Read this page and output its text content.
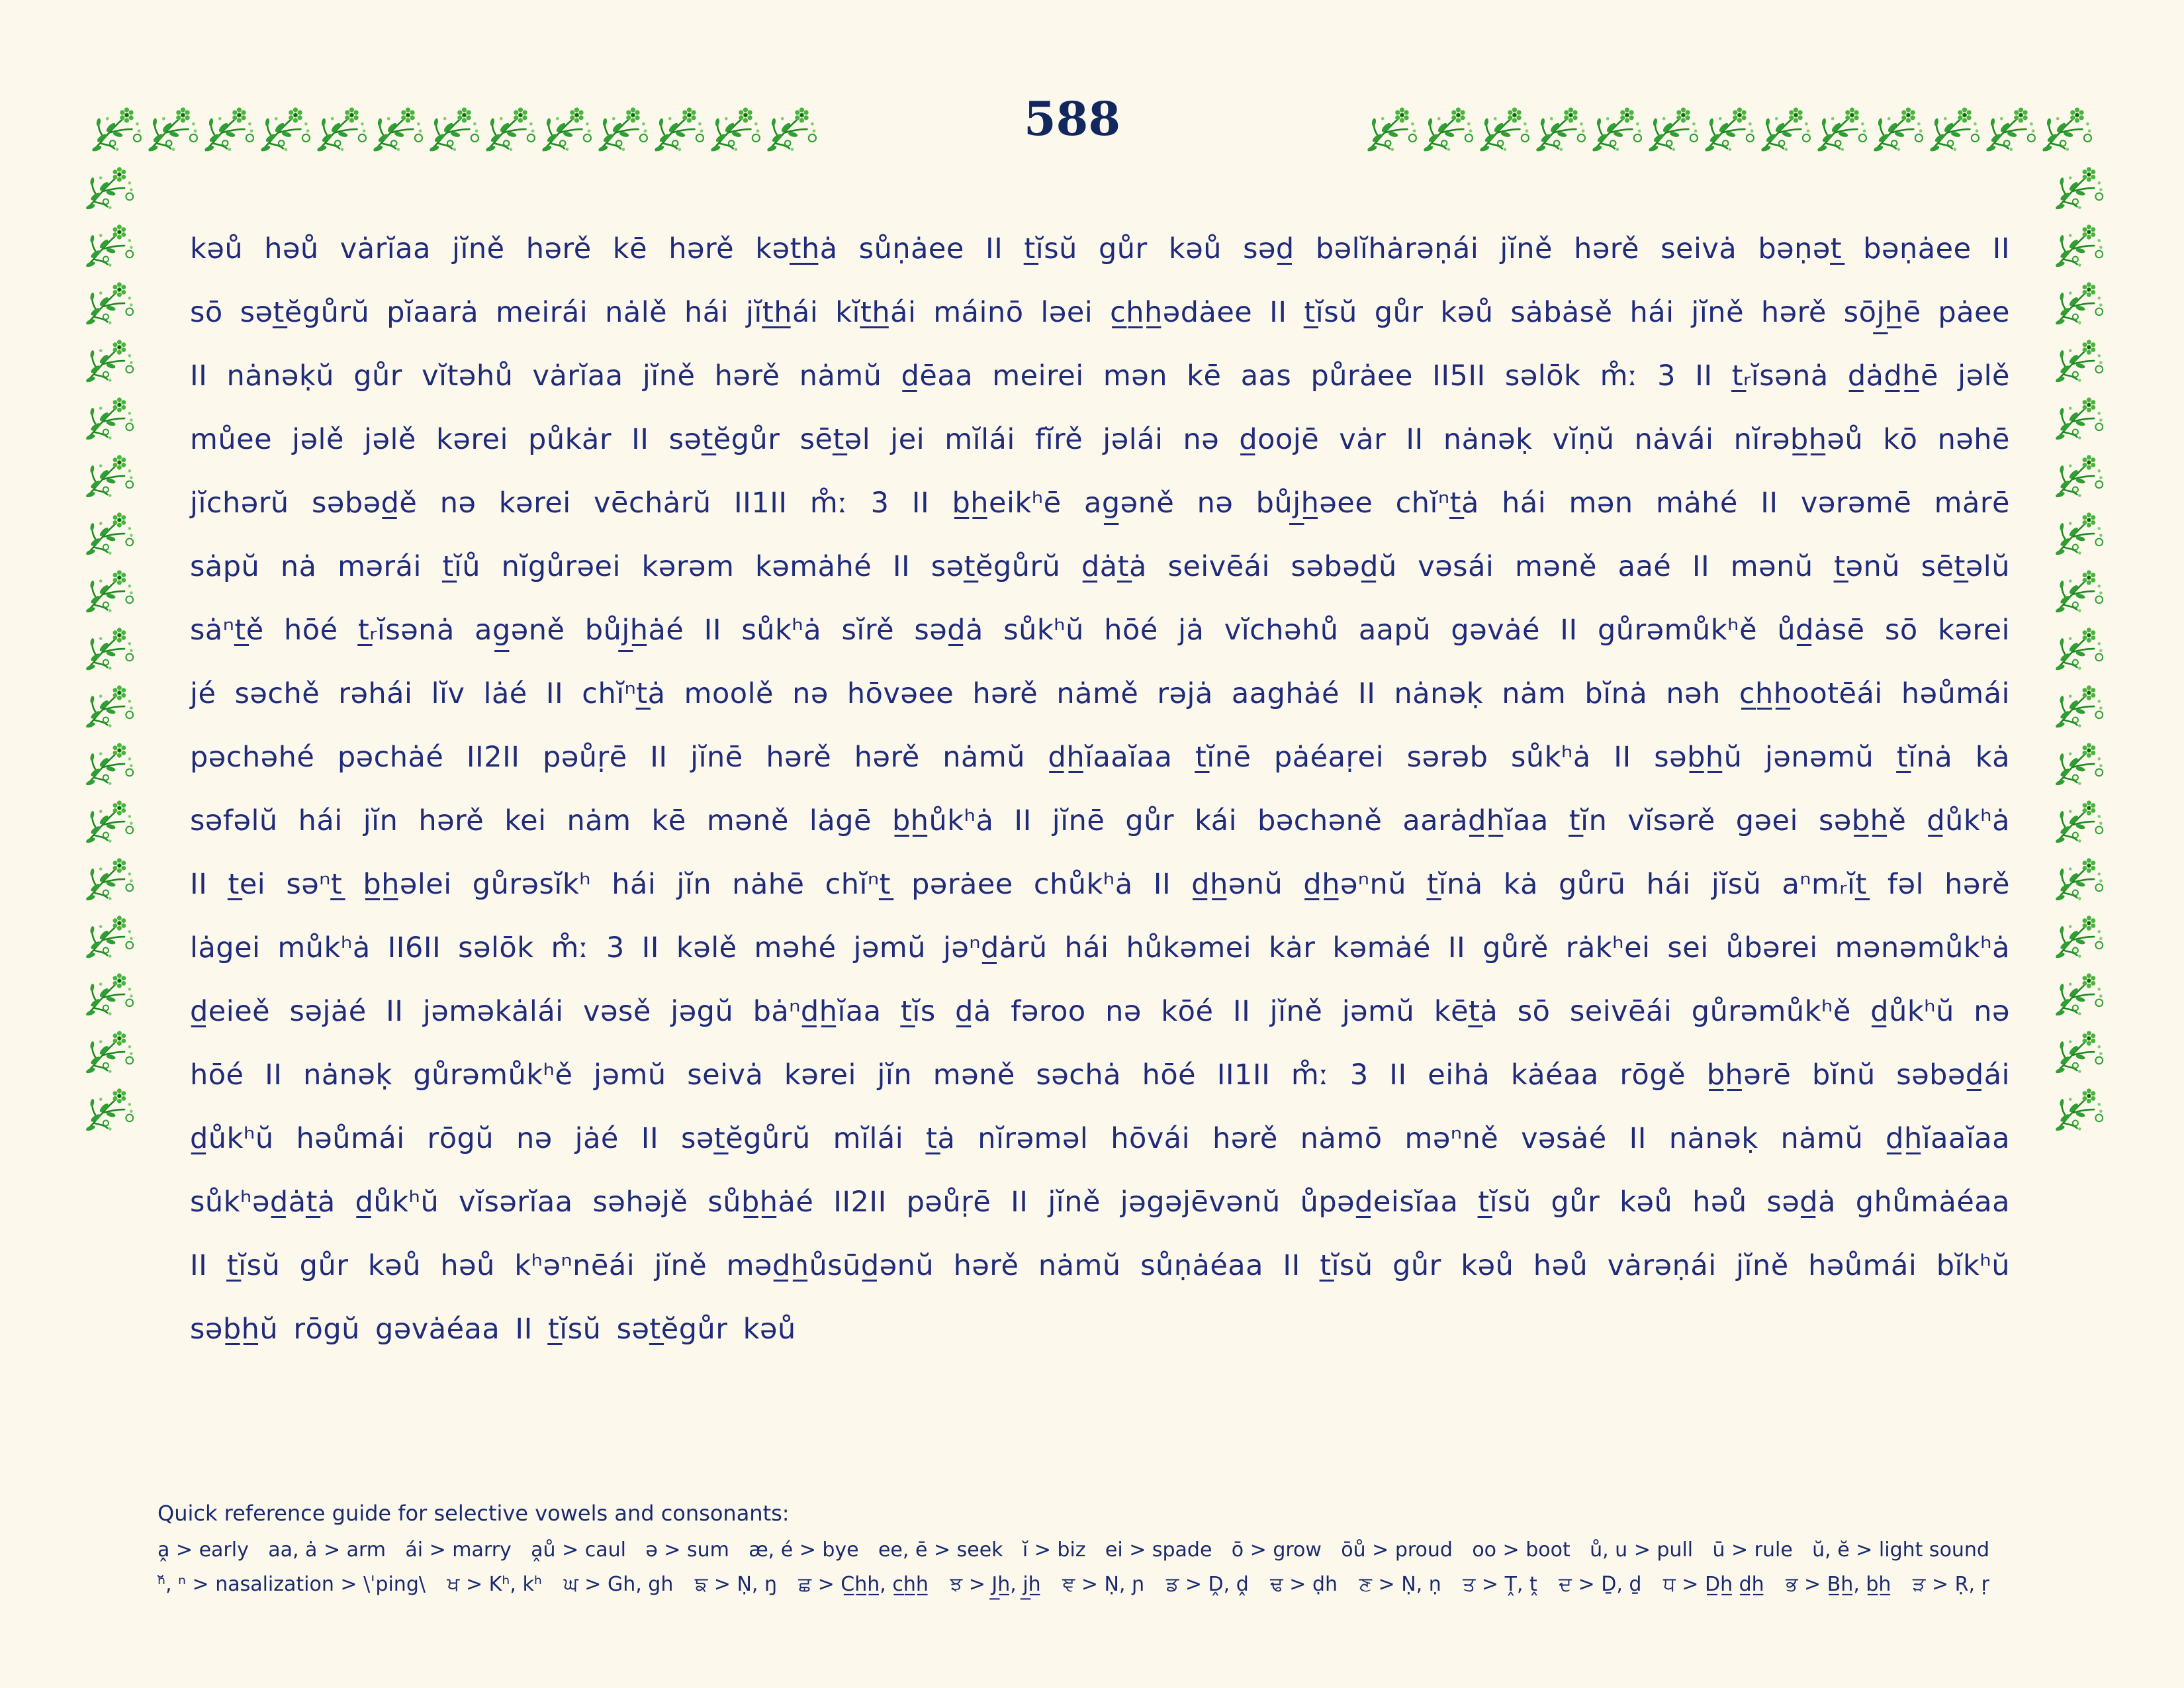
588
kəů həů vȧrĭaa jĭně hərě kē hərě kət̲h̲ȧ sůṇȧee II t̲ĭsŭ gůr kəů səd̲ bəlĭhȧrəṇái jĭně hərě seivȧ bəṇət̲ bəṇȧee II
sō sət̲ĕgůrŭ pĭaarȧ meirái nȧlě hái jĭt̲h̲ái kĭt̲h̲ái máinō ləei c̲h̲h̲ədȧee II t̲ĭsŭ gůr kəů sȧbȧsě hái jĭně hərě sōj̲h̲ē pȧee
II nȧnəḳŭ gůr vĭtəhů vȧrĭaa jĭně hərě nȧmŭ d̲ēaa meirei mən kē aas půrȧee II5II səlōk m̊ː 3 II t̲ᵣĭsənȧ d̲ȧd̲h̲ē jəlě
můee jəlě jəlě kərei půkȧr II sət̲ĕgůr sēt̲əl jei mĭlái fĭrě jəlái nə d̲oojē vȧr II nȧnəḳ vĭṇŭ nȧvái nĭrəb̲h̲əů kō nəhē
jĭchərŭ səbəd̲ě nə kərei vēchȧrŭ II1II m̊ː 3 II b̲h̲eikʰē ag̲əně nə bůj̲h̲əee chĭⁿt̲ȧ hái mən mȧhé II vərəmē mȧrē
sȧpŭ nȧ mərái t̲ĭů nĭgůrəei kərəm kəmȧhé II sət̲ĕgůrŭ d̲ȧt̲ȧ seivēái səbəd̲ŭ vəsái məně aaé II mənŭ t̲ənŭ sēt̲əlŭ
sȧⁿt̲ě hōé t̲ᵣĭsənȧ ag̲əně bůj̲h̲ȧé II sůkʰȧ sĭrě səd̲ȧ sůkʰŭ hōé jȧ vĭchəhů aapŭ gəvȧé II gůrəmůkʰě ůd̲ȧsē sō kərei
jé səchě rəhái lĭv lȧé II chĭⁿt̲ȧ moolě nə hōvəee hərě nȧmě rəjȧ aaghȧé II nȧnəḳ nȧm bĭnȧ nəh c̲h̲h̲ootēái həůmái
pəchəhé pəchȧé II2II pəůṛē II jĭnē hərě hərě nȧmŭ d̲h̲ĭaaĭaa t̲ĭnē pȧéaṛei sərəb sůkʰȧ II səb̲h̲ŭ jənəmŭ t̲ĭnȧ kȧ
səfəlŭ hái jĭn hərě kei nȧm kē məně lȧgē b̲h̲ůkʰȧ II jĭnē gůr kái bəchəně aarȧd̲h̲ĭaa t̲ĭn vĭsərě gəei səb̲h̲ě d̲ůkʰȧ
II t̲ei səⁿt̲ b̲h̲əlei gůrəsĭkʰ hái jĭn nȧhē chĭⁿt̲ pərȧee chůkʰȧ II d̲h̲ənŭ d̲h̲əⁿnŭ t̲ĭnȧ kȧ gůrū hái jĭsŭ aⁿmᵣĭt̲ fəl hərě
lȧgei můkʰȧ II6II səlōk m̊ː 3 II kəlě məhé jəmŭ jəⁿd̲ȧrŭ hái hůkəmei kȧr kəmȧé II gůrě rȧkʰei sei ůbərei mənəmůkʰȧ
d̲eieě səjȧé II jəməkȧlái vəsě jəgŭ bȧⁿd̲h̲ĭaa t̲ĭs d̲ȧ fəroo nə kōé II jĭně jəmŭ kēt̲ȧ sō seivēái gůrəmůkʰě d̲ůkʰŭ nə
hōé II nȧnəḳ gůrəmůkʰě jəmŭ seivȧ kərei jĭn məně səchȧ hōé II1II m̊ː 3 II eihȧ kȧéaa rōgě b̲h̲ərē bĭnŭ səbəd̲ái
d̲ůkʰŭ həůmái rōgŭ nə jȧé II sət̲ĕgůrŭ mĭlái t̲ȧ nĭrəməl hōvái hərě nȧmō məⁿně vəsȧé II nȧnəḳ nȧmŭ d̲h̲ĭaaĭaa
sůkʰəd̲ȧt̲ȧ d̲ůkʰŭ vĭsərĭaa səhəjě sůb̲h̲ȧé II2II pəůṛē II jĭně jəgəjēvənŭ ůpəd̲eisĭaa t̲ĭsŭ gůr kəů həů səd̲ȧ ghůmȧéaa
II t̲ĭsŭ gůr kəů həů kʰəⁿnēái jĭně məd̲h̲ůsūd̲ənŭ hərě nȧmŭ sůṇȧéaa II t̲ĭsŭ gůr kəů həů vȧrəṇái jĭně həůmái bĭkʰŭ
səb̲h̲ŭ rōgŭ gəvȧéaa II t̲ĭsŭ sət̲ĕgůr kəů
Quick reference guide for selective vowels and consonants:
a̭ > early aa, ȧ > arm ái > marry a̭ů > caul ə > sum æ, é > bye ee, ē > seek ĭ > biz ei > spade ō > grow ōů > proud oo > boot ů, u > pull ū > rule ŭ, ĕ > light sound
ⁿ̆, ⁿ > nasalization > \ˈping\ ਖ > Kʰ, kʰ ਘ > Gh, gh ਙ > Ṇ, ŋ ਛ > C̲h̲h̲, c̲h̲h̲ ਝ > J̲h̲, j̲h̲ ਞ > Ṇ, ɲ ਡ > Ḓ, ḓ ਢ > ḍh ਣ > Ṇ, ṇ ਤ > Ṱ, ṱ ਦ > Ḏ, ḏ ਧ > D̲h̲ d̲h̲ ਭ > B̲h̲, b̲h̲ ੜ > Ṛ, ṛ
